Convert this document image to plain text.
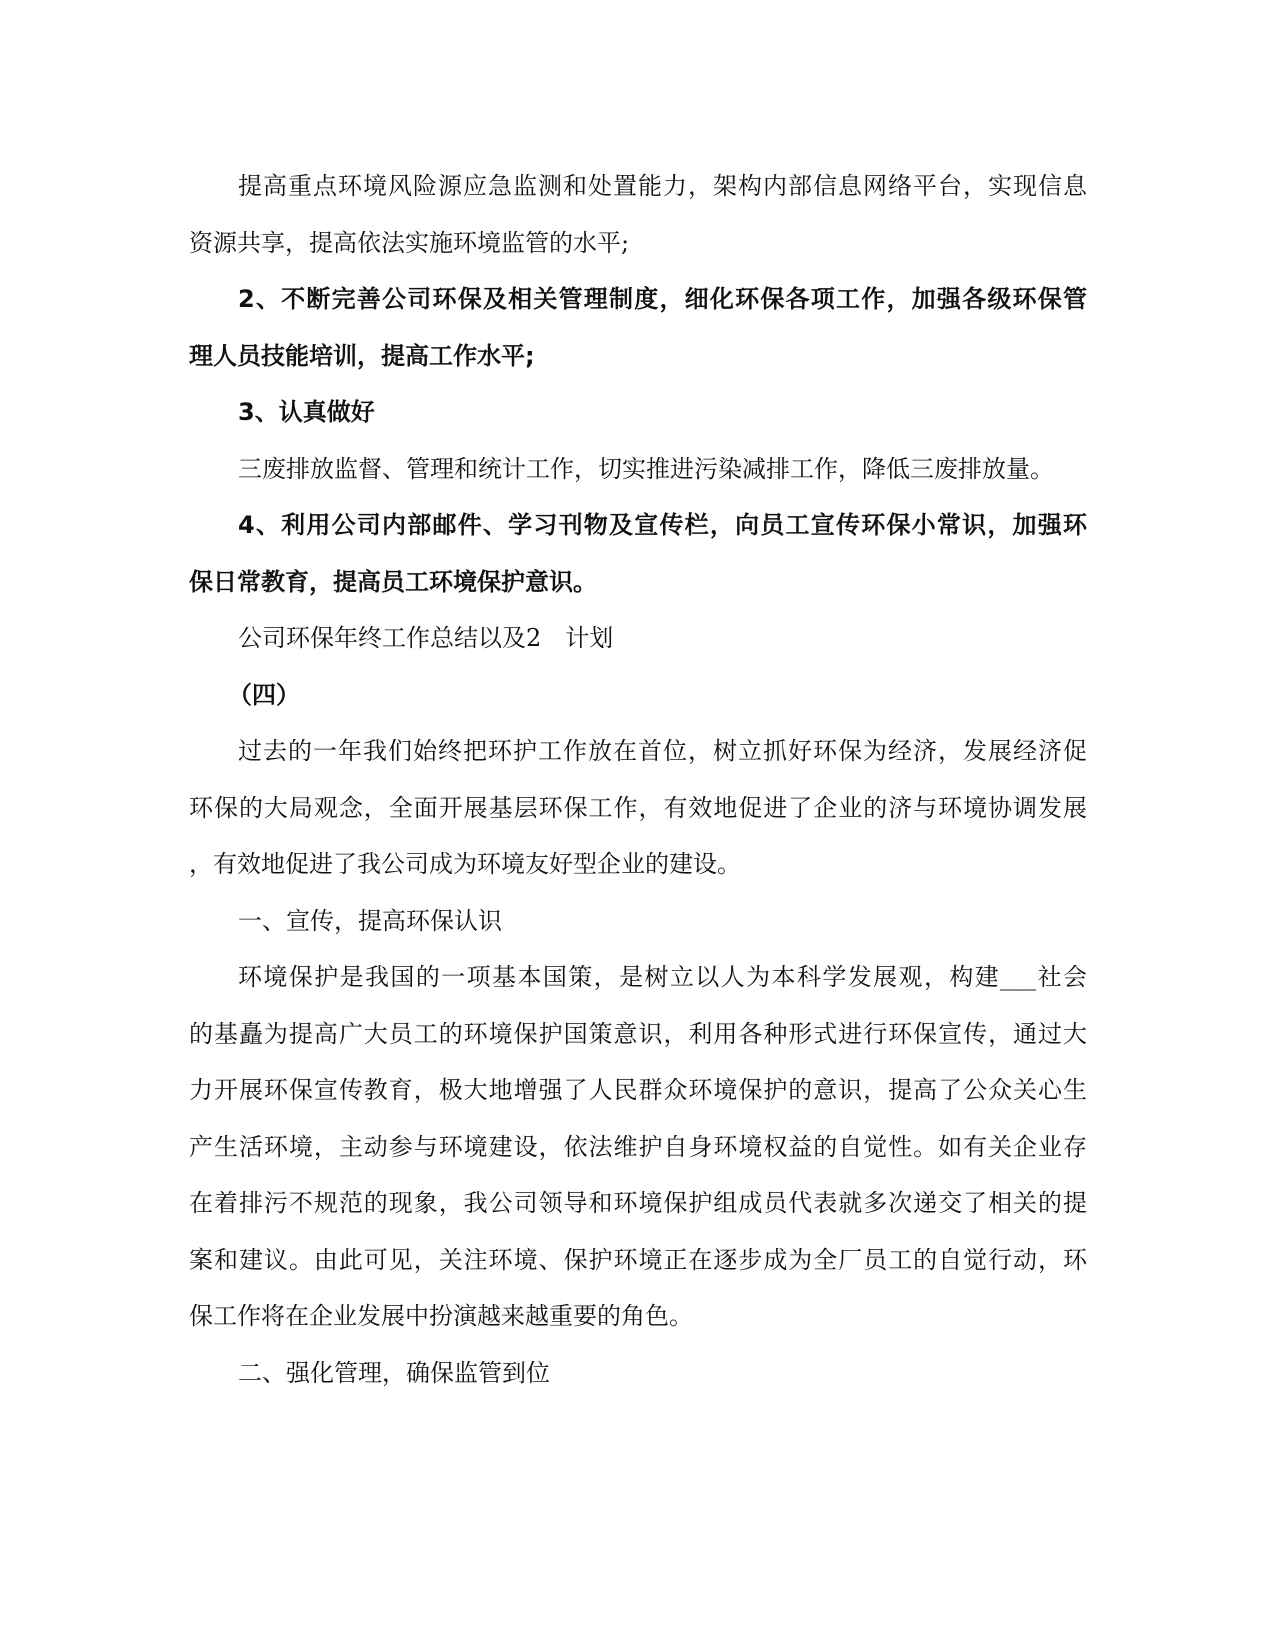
提高重点环境风险源应急监测和处置能力，架构内部信息网络平台，实现信息

资源共享，提高依法实施环境监管的水平;

2、不断完善公司环保及相关管理制度，细化环保各项工作，加强各级环保管

理人员技能培训，提高工作水平;

3、认真做好

三废排放监督、管理和统计工作，切实推进污染减排工作，降低三废排放量。

4、利用公司内部邮件、学习刊物及宣传栏，向员工宣传环保小常识，加强环

保日常教育，提高员工环境保护意识。

公司环保年终工作总结以及2　计划

（四）

过去的一年我们始终把环护工作放在首位，树立抓好环保为经济，发展经济促

环保的大局观念，全面开展基层环保工作，有效地促进了企业的济与环境协调发展

，有效地促进了我公司成为环境友好型企业的建设。

一、宣传，提高环保认识

环境保护是我国的一项基本国策，是树立以人为本科学发展观，构建___社会

的基矗为提高广大员工的环境保护国策意识，利用各种形式进行环保宣传，通过大

力开展环保宣传教育，极大地增强了人民群众环境保护的意识，提高了公众关心生

产生活环境，主动参与环境建设，依法维护自身环境权益的自觉性。如有关企业存

在着排污不规范的现象，我公司领导和环境保护组成员代表就多次递交了相关的提

案和建议。由此可见，关注环境、保护环境正在逐步成为全厂员工的自觉行动，环

保工作将在企业发展中扮演越来越重要的角色。

二、强化管理，确保监管到位
